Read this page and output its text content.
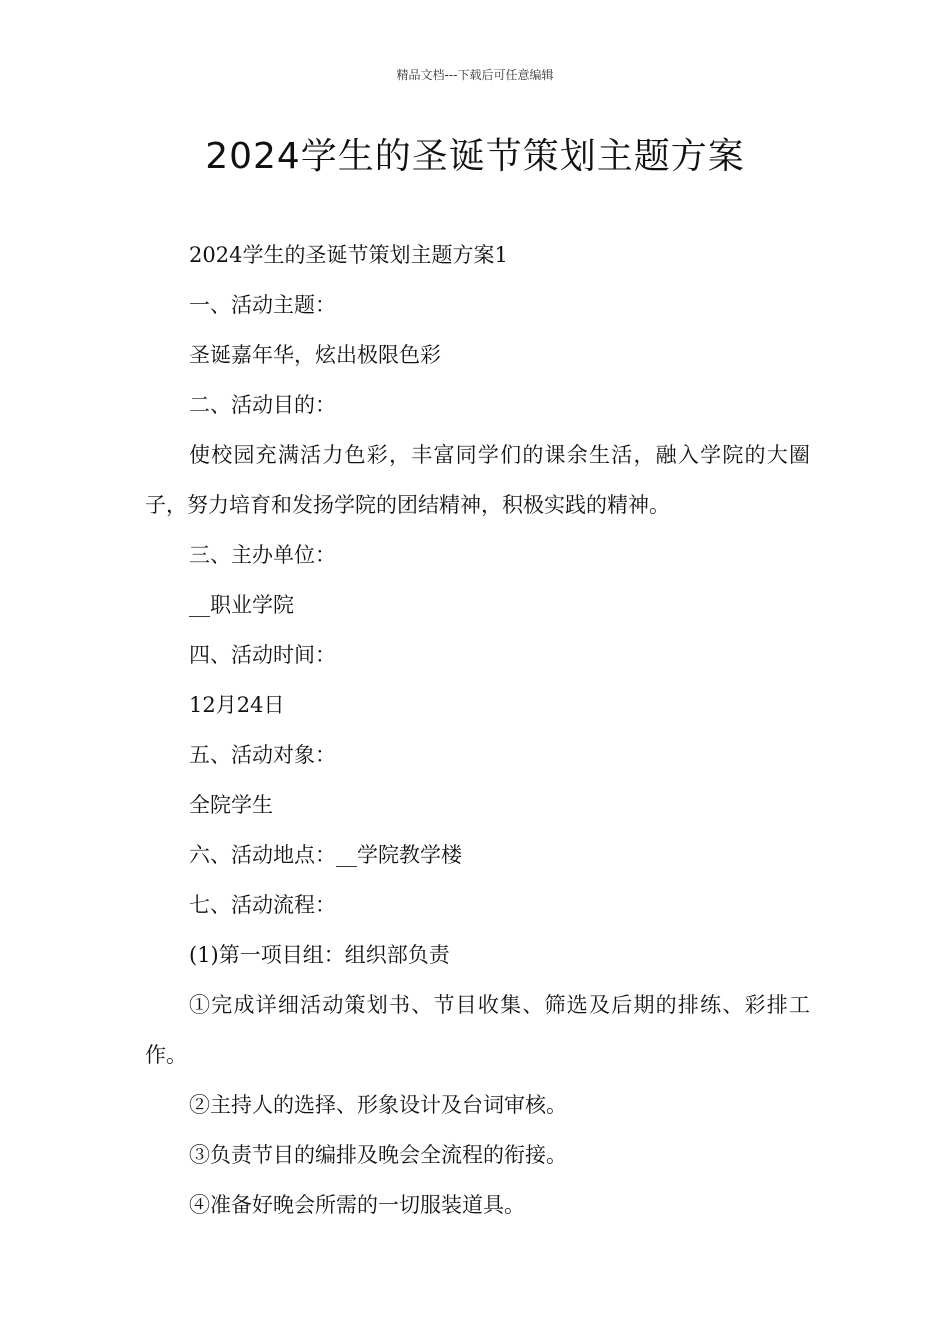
精品文档---下载后可任意编辑
2024学生的圣诞节策划主题方案

2024学生的圣诞节策划主题方案1

一、活动主题：

圣诞嘉年华，炫出极限色彩

二、活动目的：

使校园充满活力色彩，丰富同学们的课余生活，融入学院的大圈子，努力培育和发扬学院的团结精神，积极实践的精神。

三、主办单位：

__职业学院

四、活动时间：

12月24日

五、活动对象：

全院学生

六、活动地点：__学院教学楼

七、活动流程：

(1)第一项目组：组织部负责

①完成详细活动策划书、节目收集、筛选及后期的排练、彩排工作。

②主持人的选择、形象设计及台词审核。

③负责节目的编排及晚会全流程的衔接。

④准备好晚会所需的一切服装道具。
